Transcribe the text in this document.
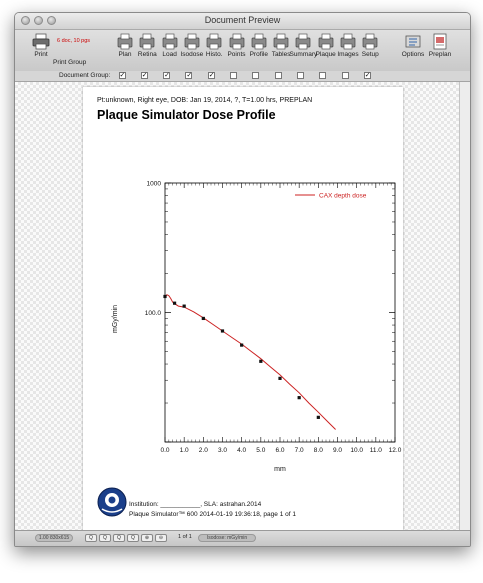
Document Preview
Print
6 doc, 10 pgs
Print Group
Plan Retina Load Isodose Histo. Points Profile Tables Summary
Plaque Images Setup	Options Preplan
Document Group: ✓ ✓ ✓ ✓ ✓	✓
Pt:unknown, Right eye, DOB: Jan 19, 2014, ?, T=1.00 hrs, PREPLAN
Plaque Simulator Dose Profile
mGy/min
mm
1000
100.0
0.0 1.0 2.0 3.0 4.0 5.0 6.0 7.0 8.0 9.0 10.0 11.0 12.0
CAX depth dose
Institution: ___________, SLA: astrahan.2014
Plaque Simulator™ 600 2014-01-19 19:36:18, page 1 of 1
1.00 830x615	Q	Q	Q	Q	⊕	⊖	1 of 1	Isodose: mGy/min
